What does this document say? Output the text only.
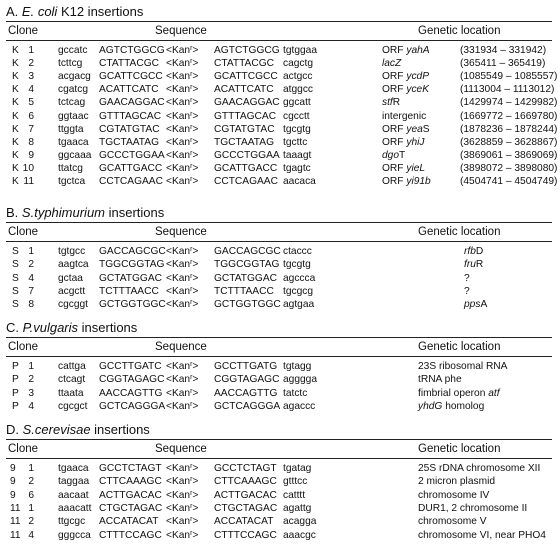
A. E. coli K12 insertions
Clone	Sequence	Genetic location
K 1 gccatc AGTCTGGCG <Kan$^r$> AGTCTGGCG tgtggaa	ORF yahA	(331934 – 331942)
K 2 tcttcg CTATTACGC <Kan$^r$> CTATTACGC cagctg	lacZ	(365411 – 365419)
K 3 acgacg GCATTCGCC <Kan$^r$> GCATTCGCC actgcc	ORF ycdP	(1085549 – 1085557)
K 4 cgatcg ACATTCATC <Kan$^r$> ACATTCATC atggcc	ORF yceK	(1113004 – 1113012)
K 5 tctcag GAACAGGAC <Kan$^r$> GAACAGGAC ggcatt	stfR	(1429974 – 1429982)
K 6 ggtaac GTTTAGCAC <Kan$^r$> GTTTAGCAC cgcctt	intergenic	(1669772 – 1669780)
K 7 ttggta CGTATGTAC <Kan$^r$> CGTATGTAC tgcgtg	ORF yeaS	(1878236 – 1878244)
K 8 tgaaca TGCTAATAG <Kan$^r$> TGCTAATAG tgcttc	ORF yhiJ	(3628859 – 3628867)
K 9 ggcaaa GCCCTGGAA <Kan$^r$> GCCCTGGAA taaagt	dgoT	(3869061 – 3869069)
K 10 ttatcg GCATTGACC <Kan$^r$> GCATTGACC tgagtc	ORF yieL	(3898072 – 3898080)
K 11 tgctca CCTCAGAAC <Kan$^r$> CCTCAGAAC aacaca	ORF yi91b	(4504741 – 4504749)
B. S.typhimurium insertions
Clone	Sequence	Genetic location
S 1 tgtgcc GACCAGCGC <Kan$^r$> GACCAGCGC ctaccc	rfbD
S 2 aagtca TGGCGGTAG <Kan$^r$> TGGCGGTAG tgcgtg	fruR
S 4 gctaa GCTATGGAC <Kan$^r$> GCTATGGAC agccca	?
S 7 acgctt TCTTTAACC <Kan$^r$> TCTTTAACC tgcgcg	?
S 8 cgcggt GCTGGTGGC <Kan$^r$> GCTGGTGGC agtgaa	ppsA
C. P.vulgaris insertions
Clone	Sequence	Genetic location
P 1 cattga GCCTTGATC <Kan$^r$> GCCTTGATG tgtagg	23S ribosomal RNA
P 2 ctcagt CGGTAGAGC <Kan$^r$> CGGTAGAGC agggga	tRNA phe
P 3 ttaata AACCAGTTG <Kan$^r$> AACCAGTTG tatctc	fimbrial operon atf
P 4 cgcgct GCTCAGGGA <Kan$^r$> GCTCAGGGA agaccc	yhdG homolog
D. S.cerevisae insertions
Clone	Sequence	Genetic location
9	1 tgaaca GCCTCTAGT <Kan$^r$> GCCTCTAGT tgatag	25S rDNA chromosome XII
9	2 taggaa CTTCAAAGC <Kan$^r$> CTTCAAAGC gtttcc	2 micron plasmid
9	6 aacaat ACTTGACAC <Kan$^r$> ACTTGACAC catttt	chromosome IV
11 1 aaacatt CTGCTAGAC <Kan$^r$> CTGCTAGAC agattg	DUR1, 2 chromosome II
11 2 ttgcgc ACCATACAT <Kan$^r$> ACCATACAT acagga	chromosome V
11 4 gggcca CTTTCCAGC <Kan$^r$> CTTTCCAGC aaacgc	chromosome VI, near PHO4
